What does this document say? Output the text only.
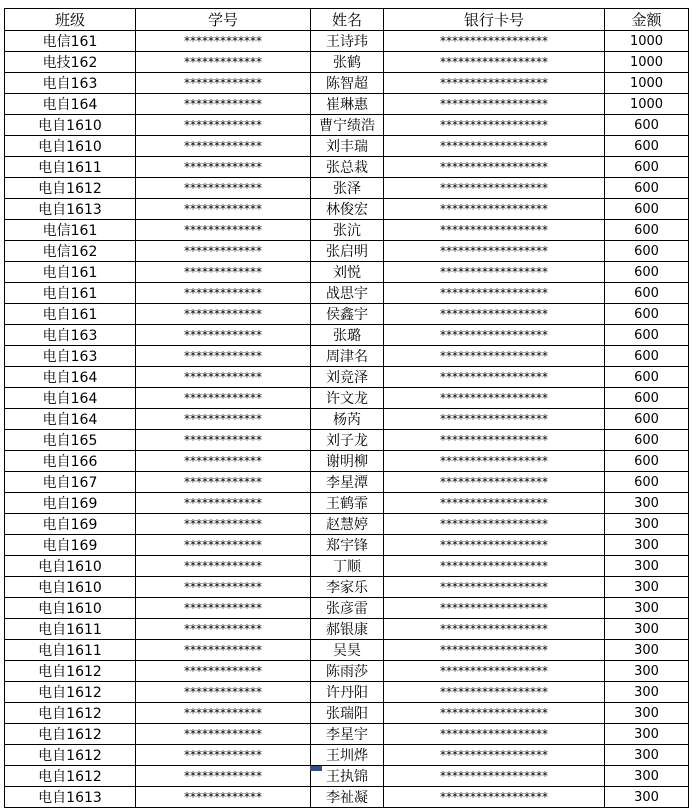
班级	学号	姓名	银行卡号	金额
电信161	*************	王诗玮	******************	1000
电技162	*************	张鹤	******************	1000
电自163	*************	陈智超	******************	1000
电自164	*************	崔琳惠	******************	1000
电自1610	*************	曹宁绩浩	******************	600
电自1610	*************	刘丰瑞	******************	600
电自1611	*************	张总栽	******************	600
电自1612	*************	张泽	******************	600
电自1613	*************	林俊宏	******************	600
电信161	*************	张沆	******************	600
电信162	*************	张启明	******************	600
电自161	*************	刘悦	******************	600
电自161	*************	战思宇	******************	600
电自161	*************	侯鑫宇	******************	600
电自163	*************	张璐	******************	600
电自163	*************	周津名	******************	600
电自164	*************	刘竞泽	******************	600
电自164	*************	许文龙	******************	600
电自164	*************	杨芮	******************	600
电自165	*************	刘子龙	******************	600
电自166	*************	谢明柳	******************	600
电自167	*************	李星潭	******************	600
电自169	*************	王鹤霏	******************	300
电自169	*************	赵慧婷	******************	300
电自169	*************	郑宇锋	******************	300
电自1610	*************	丁顺	******************	300
电自1610	*************	李家乐	******************	300
电自1610	*************	张彦雷	******************	300
电自1611	*************	郝银康	******************	300
电自1611	*************	吴昊	******************	300
电自1612	*************	陈雨莎	******************	300
电自1612	*************	许丹阳	******************	300
电自1612	*************	张瑞阳	******************	300
电自1612	*************	李星宇	******************	300
电自1612	*************	王圳烨	******************	300
电自1612	*************	王执锦	******************	300
电自1613	*************	李祉凝	******************	300
